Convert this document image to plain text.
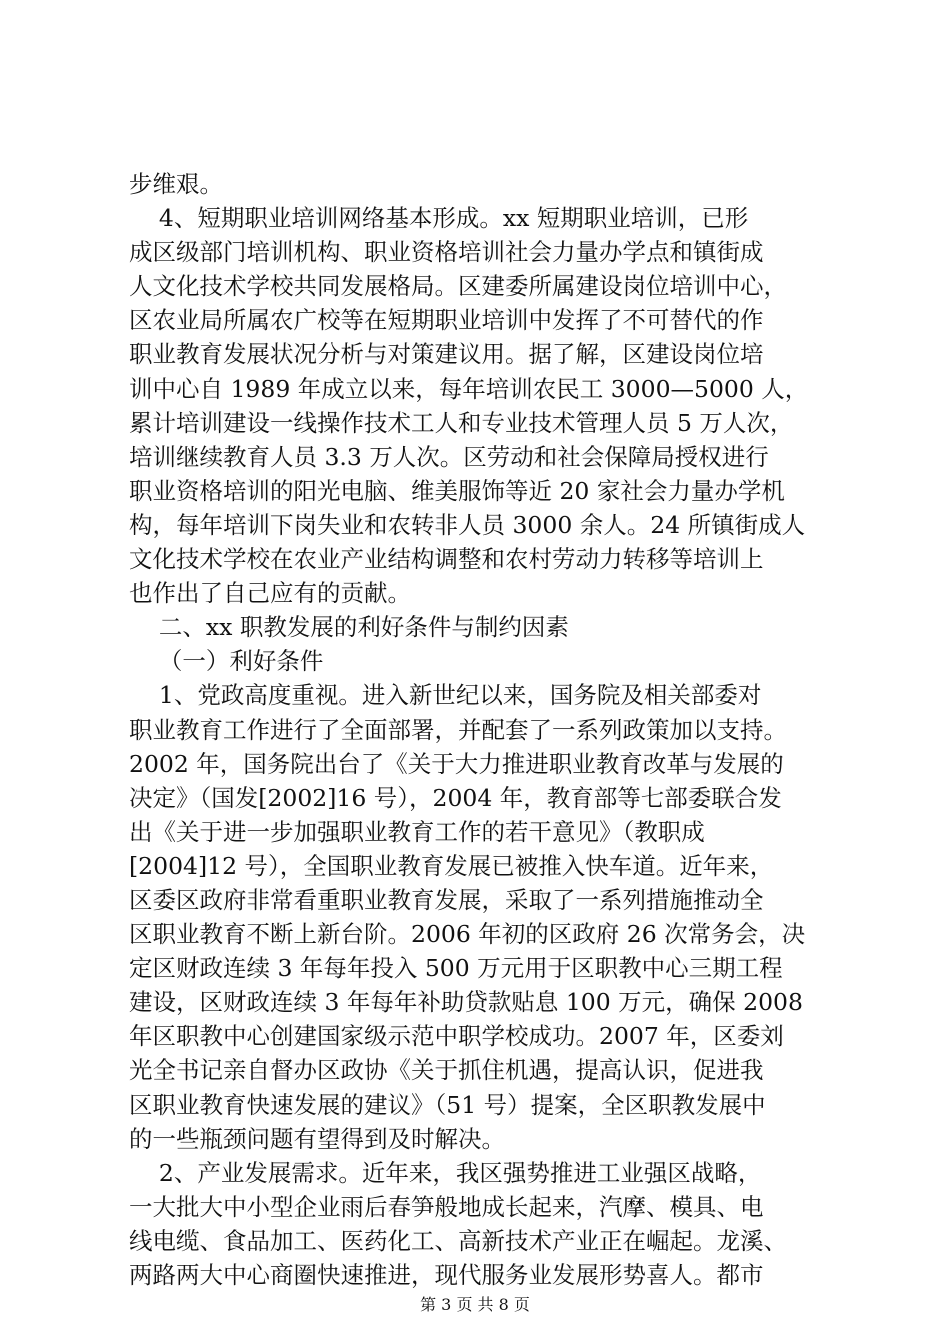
步维艰。
4、短期职业培训网络基本形成。xx 短期职业培训，已形
成区级部门培训机构、职业资格培训社会力量办学点和镇街成
人文化技术学校共同发展格局。区建委所属建设岗位培训中心，
区农业局所属农广校等在短期职业培训中发挥了不可替代的作
职业教育发展状况分析与对策建议用。据了解，区建设岗位培
训中心自 1989 年成立以来，每年培训农民工 3000—5000 人，
累计培训建设一线操作技术工人和专业技术管理人员 5 万人次，
培训继续教育人员 3.3 万人次。区劳动和社会保障局授权进行
职业资格培训的阳光电脑、维美服饰等近 20 家社会力量办学机
构，每年培训下岗失业和农转非人员 3000 余人。24 所镇街成人
文化技术学校在农业产业结构调整和农村劳动力转移等培训上
也作出了自己应有的贡献。
二、xx 职教发展的利好条件与制约因素
（一）利好条件
1、党政高度重视。进入新世纪以来，国务院及相关部委对
职业教育工作进行了全面部署，并配套了一系列政策加以支持。
2002 年，国务院出台了《关于大力推进职业教育改革与发展的
决定》（国发[2002]16 号），2004 年，教育部等七部委联合发
出《关于进一步加强职业教育工作的若干意见》（教职成
[2004]12 号），全国职业教育发展已被推入快车道。近年来，
区委区政府非常看重职业教育发展，采取了一系列措施推动全
区职业教育不断上新台阶。2006 年初的区政府 26 次常务会，决
定区财政连续 3 年每年投入 500 万元用于区职教中心三期工程
建设，区财政连续 3 年每年补助贷款贴息 100 万元，确保 2008
年区职教中心创建国家级示范中职学校成功。2007 年，区委刘
光全书记亲自督办区政协《关于抓住机遇，提高认识，促进我
区职业教育快速发展的建议》（51 号）提案，全区职教发展中
的一些瓶颈问题有望得到及时解决。
2、产业发展需求。近年来，我区强势推进工业强区战略，
一大批大中小型企业雨后春笋般地成长起来，汽摩、模具、电
线电缆、食品加工、医药化工、高新技术产业正在崛起。龙溪、
两路两大中心商圈快速推进，现代服务业发展形势喜人。都市
第 3 页 共 8 页
